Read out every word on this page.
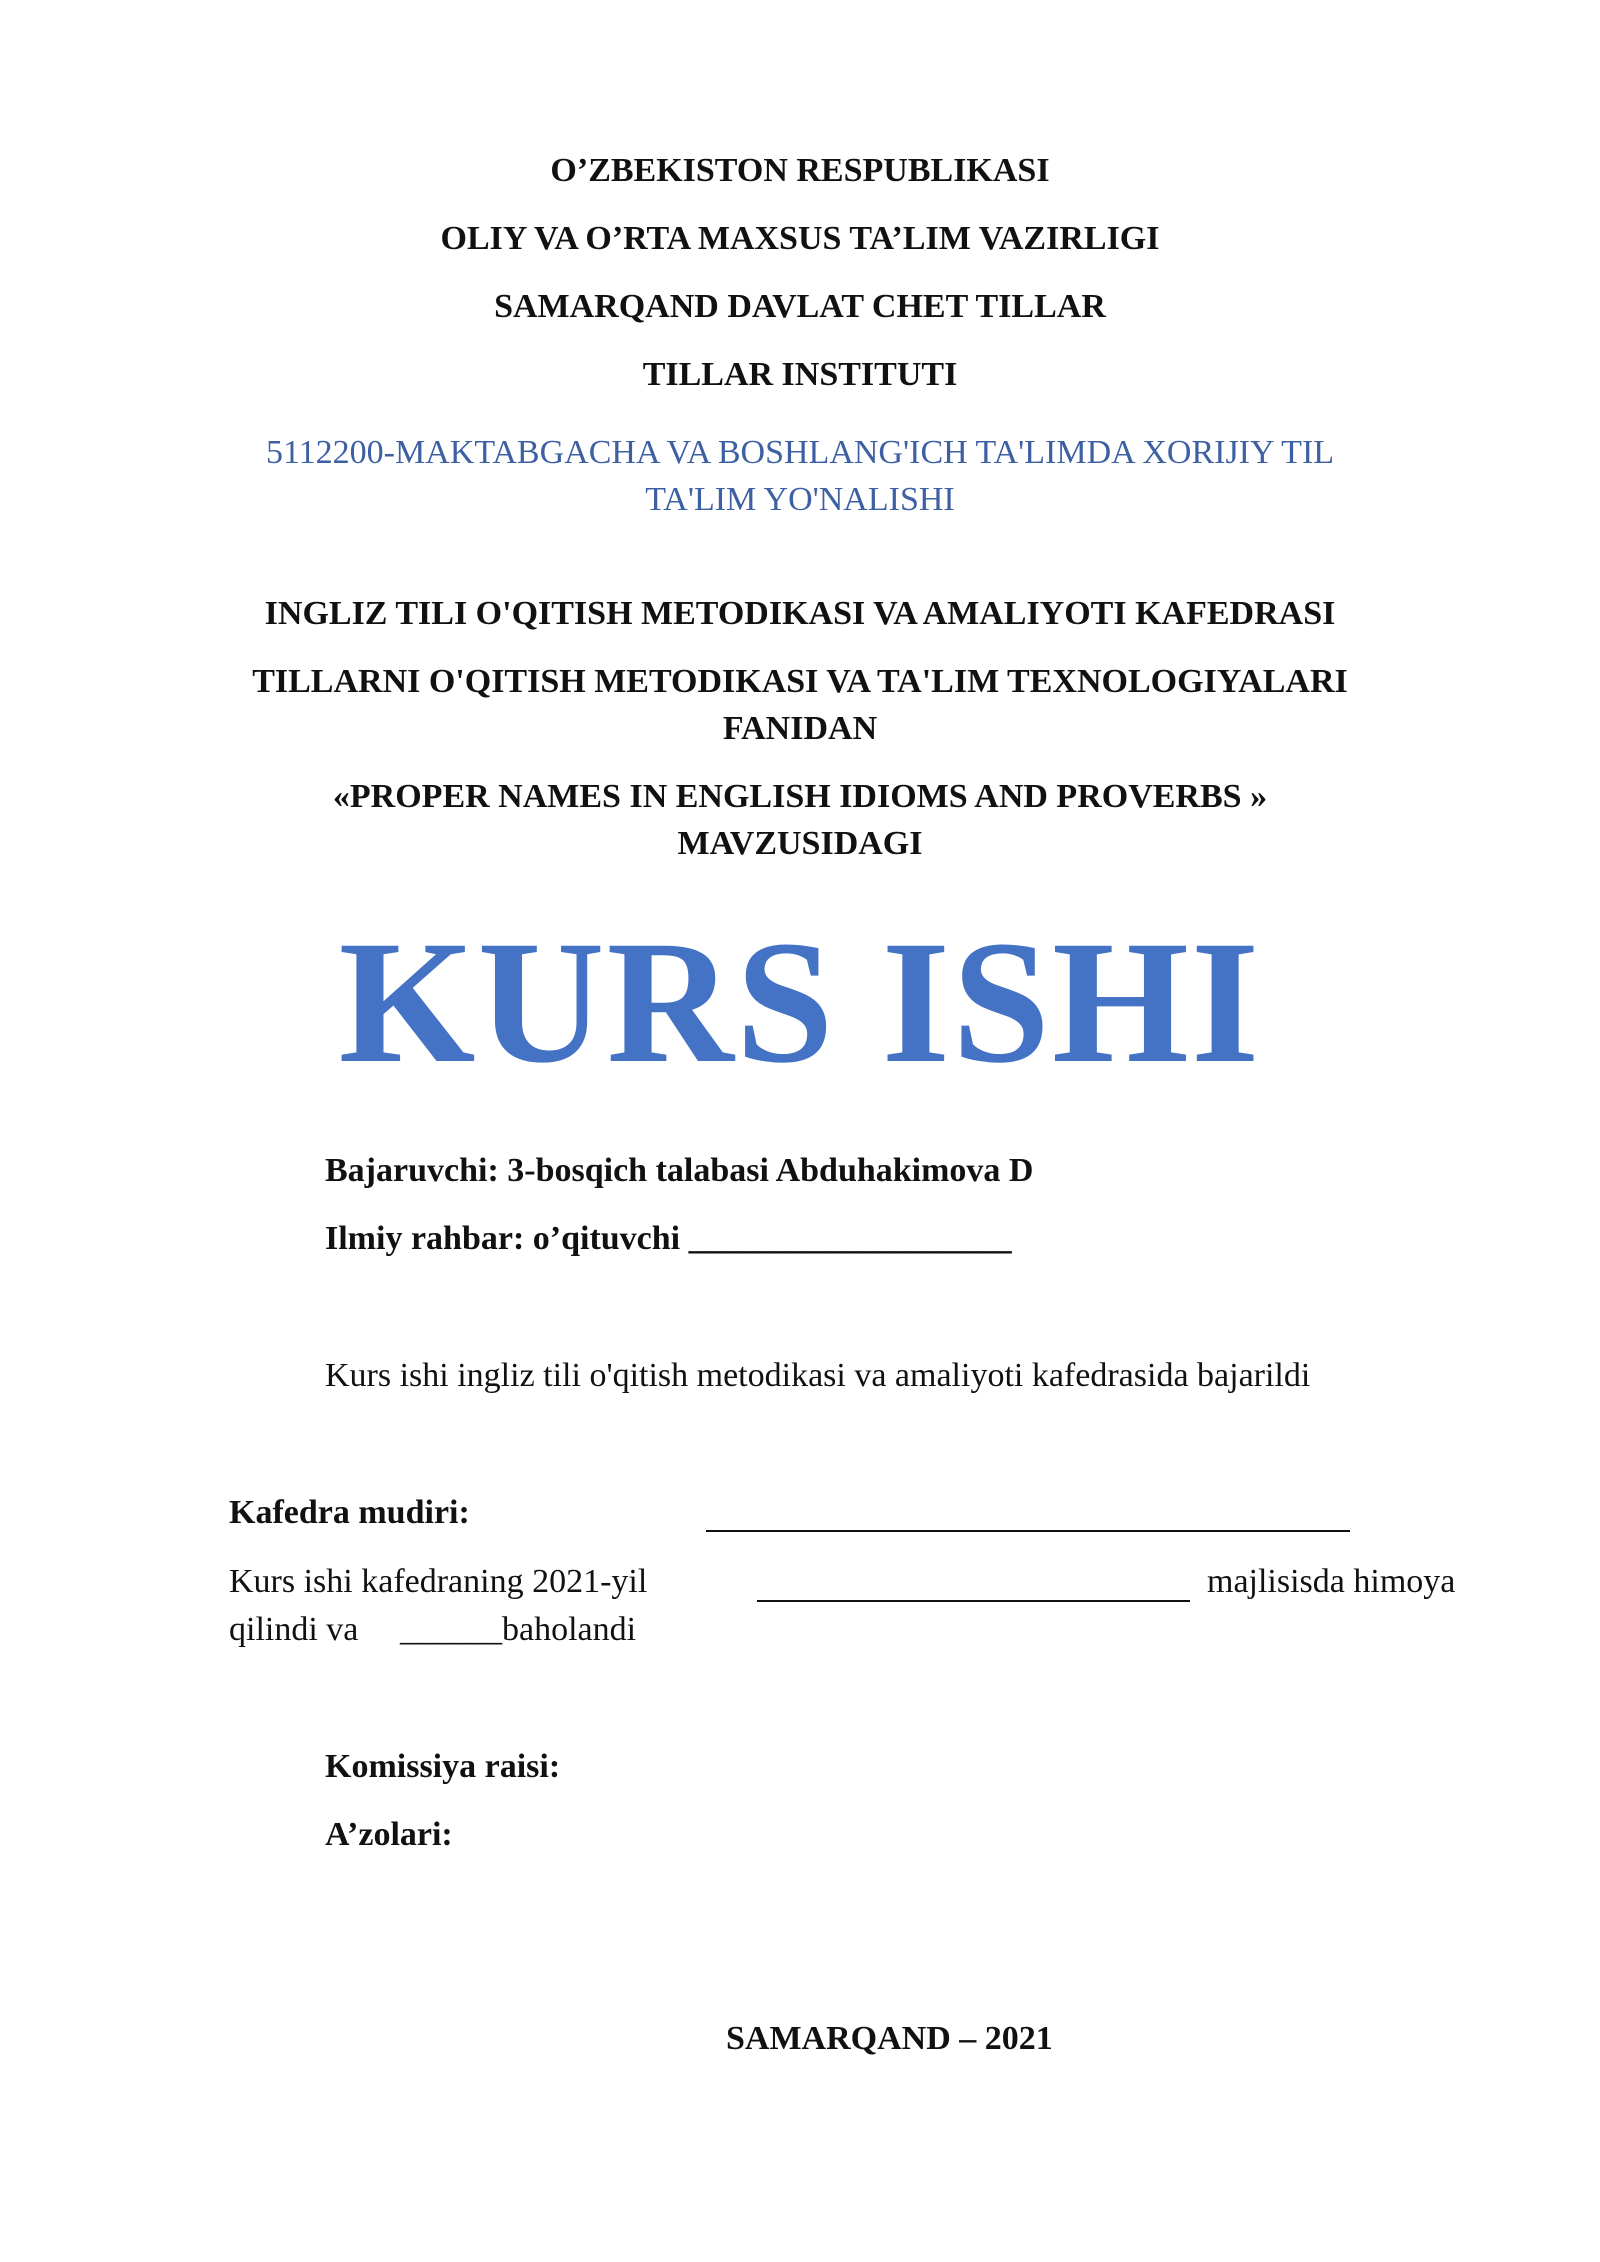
O’ZBEKISTON RESPUBLIKASI
OLIY VA O’RTA MAXSUS TA’LIM VAZIRLIGI
SAMARQAND DAVLAT CHET TILLAR
TILLAR INSTITUTI
5112200-MAKTABGACHA VA BOSHLANG'ICH TA'LIMDA XORIJIY TIL
TA'LIM YO'NALISHI
INGLIZ TILI O'QITISH METODIKASI VA AMALIYOTI KAFEDRASI
TILLARNI O'QITISH METODIKASI VA TA'LIM TEXNOLOGIYALARI
FANIDAN
«PROPER NAMES IN ENGLISH IDIOMS AND PROVERBS »
MAVZUSIDAGI
KURS ISHI
Bajaruvchi: 3-bosqich talabasi Abduhakimova D
Ilmiy rahbar: o’qituvchi ___________________
Kurs ishi ingliz tili o'qitish metodikasi va amaliyoti kafedrasida bajarildi
Kafedra mudiri:
Kurs ishi kafedraning 2021-yil	majlisisda himoya
qilindi va ______baholandi
Komissiya raisi:
A’zolari:
SAMARQAND – 2021
